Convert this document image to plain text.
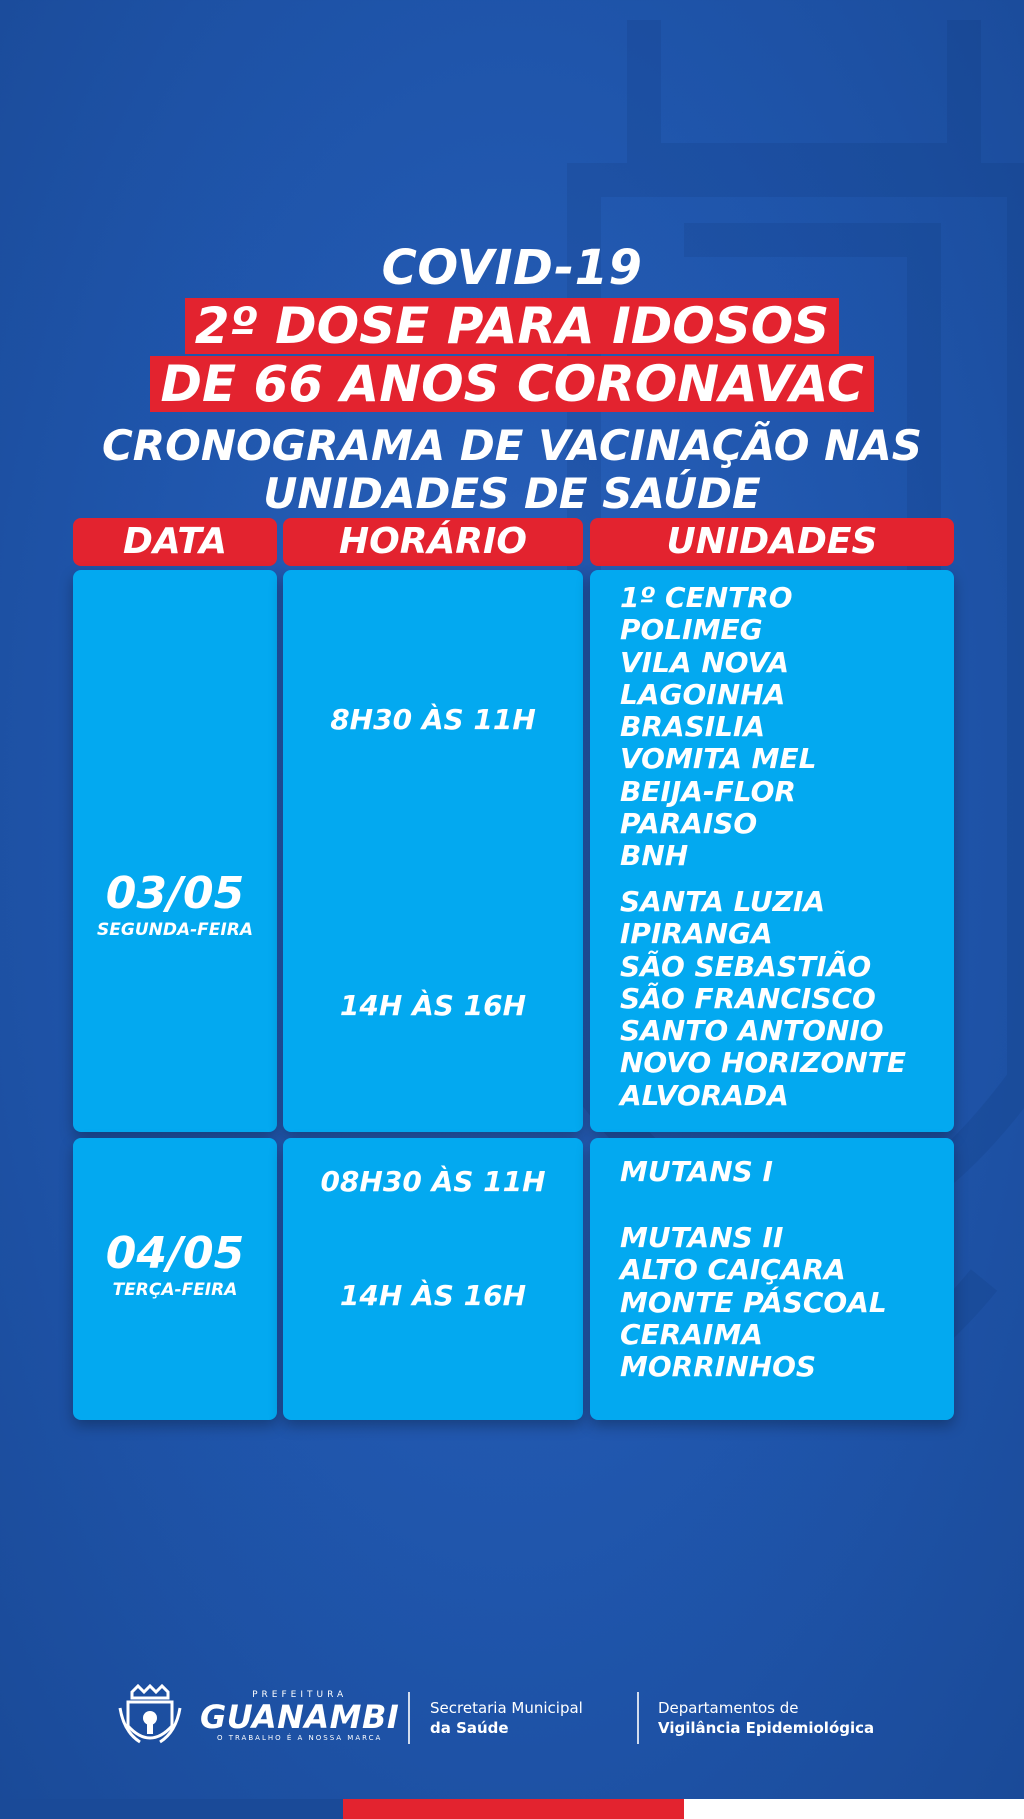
COVID-19
2º DOSE PARA IDOSOS
DE 66 ANOS CORONAVAC
CRONOGRAMA DE VACINAÇÃO NAS
UNIDADES DE SAÚDE
DATA	HORÁRIO	UNIDADES
03/05
SEGUNDA-FEIRA
8H30 ÀS 11H
14H ÀS 16H
1º CENTRO
POLIMEG
VILA NOVA
LAGOINHA
BRASILIA
VOMITA MEL
BEIJA-FLOR
PARAISO
BNH
SANTA LUZIA
IPIRANGA
SÃO SEBASTIÃO
SÃO FRANCISCO
SANTO ANTONIO
NOVO HORIZONTE
ALVORADA
04/05
TERÇA-FEIRA
08H30 ÀS 11H
14H ÀS 16H
MUTANS I
MUTANS II
ALTO CAIÇARA
MONTE PÁSCOAL
CERAIMA
MORRINHOS
PREFEITURA
GUANAMBI
O TRABALHO É A NOSSA MARCA
Secretaria Municipal
da Saúde
Departamentos de
Vigilância Epidemiológica
